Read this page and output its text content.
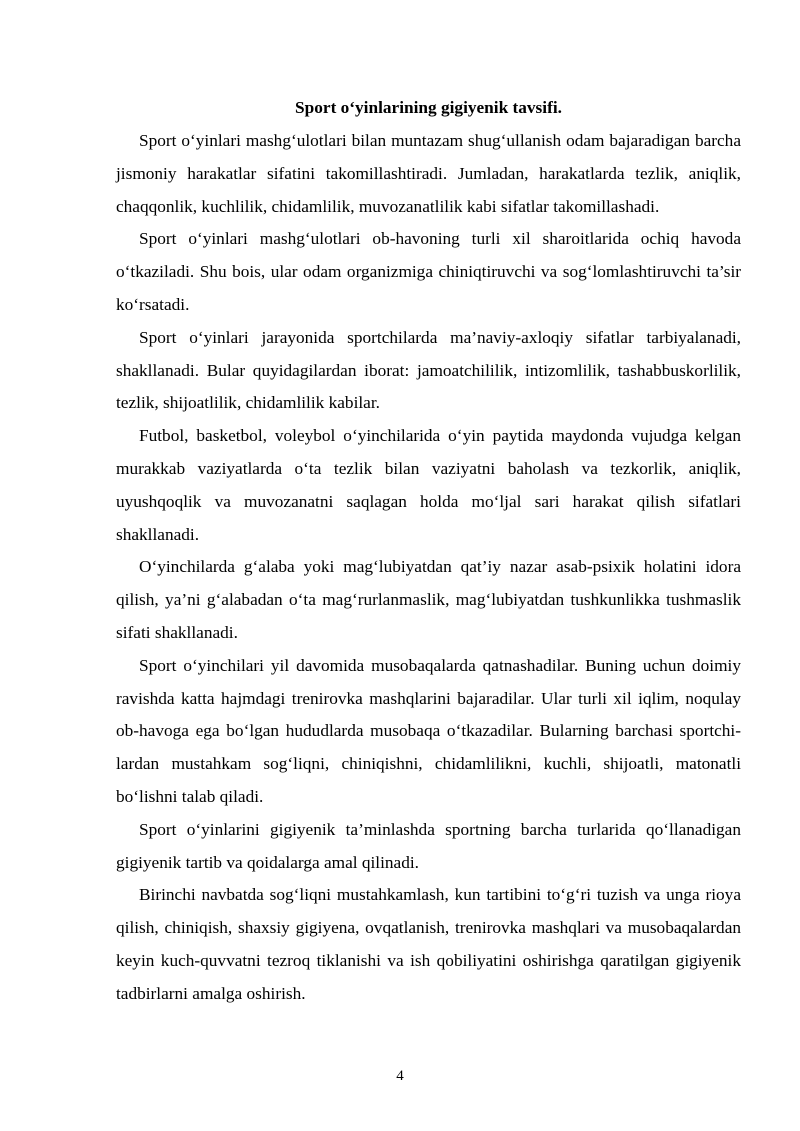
Sport o‘yinlarining gigiyenik tavsifi.

Sport o‘yinlari mashg‘ulotlari bilan muntazam shug‘ullanish odam bajaradigan barcha jismoniy harakatlar sifatini takomillashtiradi. Jumladan, harakatlarda tezlik, aniqlik, chaqqonlik, kuchlilik, chidamlilik, muvozanatlilik kabi sifatlar takomillashadi.

Sport o‘yinlari mashg‘ulotlari ob-havoning turli xil sharoitlarida ochiq havoda o‘tkaziladi. Shu bois, ular odam organizmiga chiniqtiruvchi va sog‘lomlashtiruvchi ta’sir ko‘rsatadi.

Sport o‘yinlari jarayonida sportchilarda ma’naviy-axloqiy sifatlar tarbiyalanadi, shakllanadi. Bular quyidagilardan iborat: jamoatchililik, intizomlilik, tashabbuskorlilik, tezlik, shijoatlilik, chidamlilik kabilar.

Futbol, basketbol, voleybol o‘yinchilarida o‘yin paytida maydonda vujudga kelgan murakkab vaziyatlarda o‘ta tezlik bilan vaziyatni baholash va tezkorlik, aniqlik, uyushqoqlik va muvozanatni saqlagan holda mo‘ljal sari harakat qilish sifatlari shakllanadi.

O‘yinchilarda g‘alaba yoki mag‘lubiyatdan qat’iy nazar asab-psixik holatini idora qilish, ya’ni g‘alabadan o‘ta mag‘rurlanmaslik, mag‘lubiyatdan tushkunlikka tushmaslik sifati shakllanadi.

Sport o‘yinchilari yil davomida musobaqalarda qatnashadilar. Buning uchun doimiy ravishda katta hajmdagi trenirovka mashqlarini bajaradilar. Ular turli xil iqlim, noqulay ob-havoga ega bo‘lgan hududlarda musobaqa o‘tkazadilar. Bularning barchasi sportchi-lardan mustahkam sog‘liqni, chiniqishni, chidamlilikni, kuchli, shijoatli, matonatli bo‘lishni talab qiladi.

Sport o‘yinlarini gigiyenik ta’minlashda sportning barcha turlarida qo‘llanadigan gigiyenik tartib va qoidalarga amal qilinadi.

Birinchi navbatda sog‘liqni mustahkamlash, kun tartibini to‘g‘ri tuzish va unga rioya qilish, chiniqish, shaxsiy gigiyena, ovqatlanish, trenirovka mashqlari va musobaqalardan keyin kuch-quvvatni tezroq tiklanishi va ish qobiliyatini oshirishga qaratilgan gigiyenik tadbirlarni amalga oshirish.

4
